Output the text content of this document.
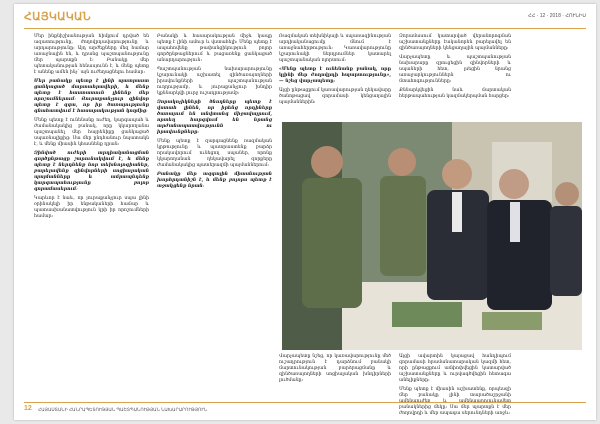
ՀԱՅԿԱԿԱՆ	ՀՀ · 12 · 2018 · ՀՈՒՆԻՍ

Մեր ինքնիշխանության հիմքում դրված են ազատությունը, ժողովրդավարությունը և արդարությունը։ Այդ արժեքները մեզ համար առաջնային են, և դրանց պաշտպանությունը մեր պարտքն է։ Բանակը մեր պետականության հենասյունն է, և մենք պետք է անենք ամեն ինչ՝ այն ուժեղացնելու համար։

Մեր բանակը պետք է լինի պատրաստ ցանկացած մարտահրավերի, և մենք պետք է հաստատուն լինենք մեր որոշումներում։ Յուրաքանչյուր զինվոր պետք է զգա, որ իր ծառայությունը գնահատվում է հասարակության կողմից։

Մենք պետք է ունենանք ուժեղ, կարգապահ և ժամանակակից բանակ, որը կկարողանա պաշտպանել մեր հայրենիքը ցանկացած սպառնալիքից։ Սա մեր ընդհանուր նպատակն է, և մենք միասին կհասնենք դրան։

Զինված ուժերի արդիականացման գործընթացը շարունակվում է, և մենք պետք է ներդնենք նոր տեխնոլոգիաներ, բարելավենք զինվորների սոցիալական պայմանները և ամրապնդենք կարգապահությունը բոլոր զորամասերում։

Կարևոր է նաև, որ յուրաքանչյուր սպա լինի օրինակելի իր ենթակաների համար և պատասխանատվություն կրի իր որոշումների համար։

Բանակի և հասարակության միջև կապը պետք է լինի ամուր և վստահելի։ Մենք պետք է ապահովենք թափանցիկություն բոլոր գործընթացներում և բացառենք ցանկացած անարդարություն։

Պաշտպանության նախարարությունը կշարունակի աշխատել զինծառայողների իրավունքների պաշտպանության ուղղությամբ, և յուրաքանչյուր խնդիր կքննարկվի լուրջ ուշադրությամբ։

Զորակոչիկների ծնողները պետք է վստահ լինեն, որ իրենց որդիները ծառայում են անվտանգ միջավայրում, որտեղ հարգվում են նրանց արժանապատվությունն ու իրավունքները։

Մենք պետք է զարգացնենք ռազմական կրթությունը և պատրաստենք բարձր որակավորում ունեցող սպաներ, որոնք կկարողանան ղեկավարել զորքերը ժամանակակից պատերազմի պայմաններում։

Բանակը մեր ազգային միասնության խորհրդանիշն է, և մենք բոլորս պետք է աջակցենք նրան։

Ռազմական տեխնիկայի և սպառազինության արդիականացումը մնում է առաջնահերթություն։ Կառավարությունը կշարունակի ներդրումներ կատարել պաշտպանական ոլորտում։

«Մենք պետք է ունենանք բանակ, որը կլինի մեր ժողովրդի հպարտությունը», — նշեց վարչապետը։

Այցի ընթացքում կառավարության ղեկավարը ծանոթացավ զորամասի կենցաղային պայմաններին։

Զորամասում կատարված վերանորոգման աշխատանքները էականորեն բարելավել են զինծառայողների կենցաղային պայմանները։

Վարչապետը և պաշտպանության նախարարը զրուցեցին զինվորների և սպաների հետ, լսեցին նրանց առաջարկություններն ու մտահոգությունները։

Քննարկվեցին նաև մարտական հերթապահության կազմակերպման հարցեր։

Վարչապետը նշեց, որ կառավարությունը մեծ ուշադրություն է դարձնում բանակի մարտունակության բարձրացմանը և զինծառայողների սոցիալական խնդիրների լուծմանը։

Այցի ավարտին կայացավ հանդիպում զորամասի հրամանատարական կազմի հետ, որի ընթացքում ամփոփվեցին կատարված աշխատանքները և ուրվագծվեցին հետագա անելիքները։

Մենք պետք է միասին աշխատենք, որպեսզի մեր բանակը լինի տարածաշրջանի ամենաուժեղ և ամենաարդյունավետ բանակներից մեկը։ Սա մեր պարտքն է մեր ժողովրդի և մեր ապագա սերունդների առջև։

12 ՀԱՅԱՍՏԱՆԻ ՀԱՆՐԱՊԵՏՈՒԹՅԱՆ ՊԱՇՏՊԱՆՈՒԹՅԱՆ ՆԱԽԱՐԱՐՈՒԹՅՈՒՆ
